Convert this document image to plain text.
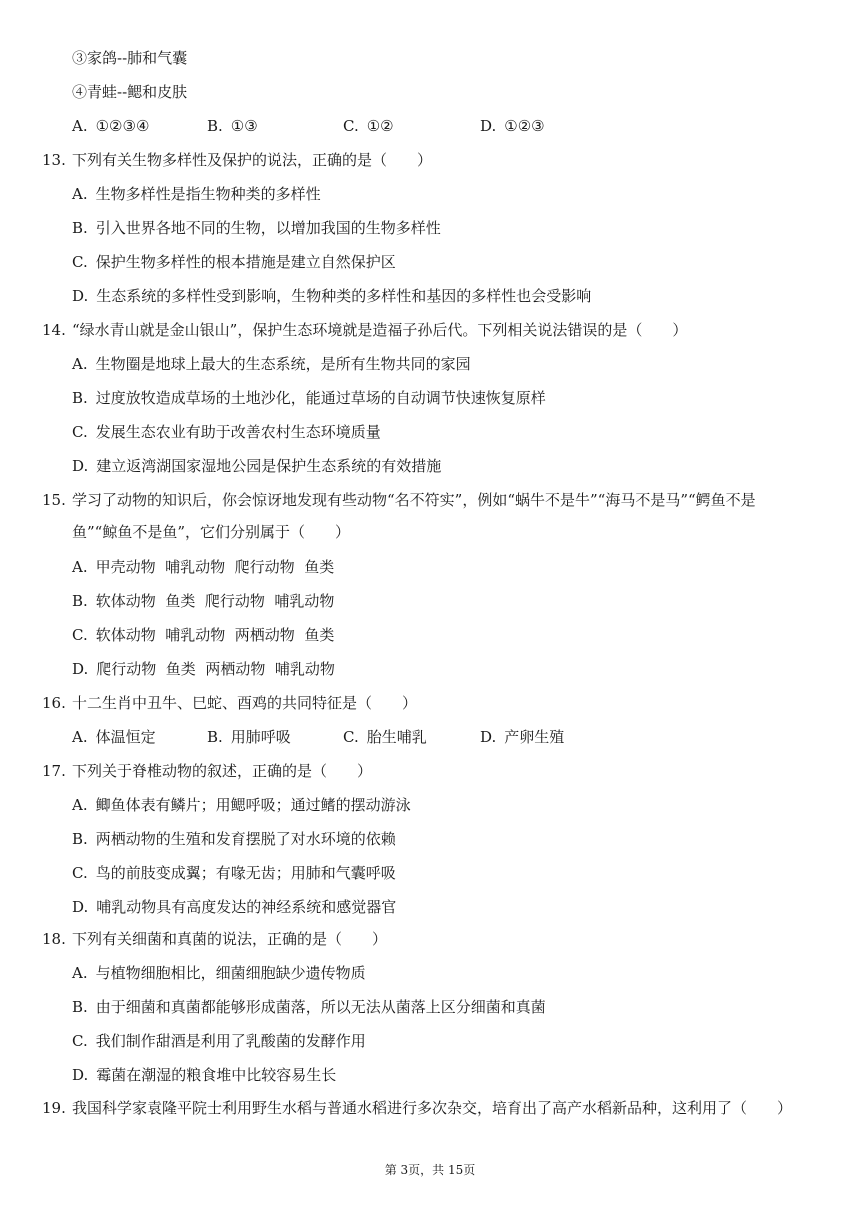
③家鸽--肺和气囊
④青蛙--鳃和皮肤
A. ①②③④	B. ①③	C. ①②	D. ①②③
13. 下列有关生物多样性及保护的说法，正确的是（　　）
A. 生物多样性是指生物种类的多样性
B. 引入世界各地不同的生物，以增加我国的生物多样性
C. 保护生物多样性的根本措施是建立自然保护区
D. 生态系统的多样性受到影响，生物种类的多样性和基因的多样性也会受影响
14. “绿水青山就是金山银山”，保护生态环境就是造福子孙后代。下列相关说法错误的是（　　）
A. 生物圈是地球上最大的生态系统，是所有生物共同的家园
B. 过度放牧造成草场的土地沙化，能通过草场的自动调节快速恢复原样
C. 发展生态农业有助于改善农村生态环境质量
D. 建立返湾湖国家湿地公园是保护生态系统的有效措施
15. 学习了动物的知识后，你会惊讶地发现有些动物“名不符实”，例如“蜗牛不是牛”“海马不是马”“鳄鱼不是
鱼”“鲸鱼不是鱼”，它们分别属于（　　）
A. 甲壳动物  哺乳动物  爬行动物  鱼类
B. 软体动物  鱼类  爬行动物  哺乳动物
C. 软体动物  哺乳动物  两栖动物  鱼类
D. 爬行动物  鱼类  两栖动物  哺乳动物
16. 十二生肖中丑牛、巳蛇、酉鸡的共同特征是（　　）
A. 体温恒定	B. 用肺呼吸	C. 胎生哺乳	D. 产卵生殖
17. 下列关于脊椎动物的叙述，正确的是（　　）
A. 鲫鱼体表有鳞片；用鳃呼吸；通过鳍的摆动游泳
B. 两栖动物的生殖和发育摆脱了对水环境的依赖
C. 鸟的前肢变成翼；有喙无齿；用肺和气囊呼吸
D. 哺乳动物具有高度发达的神经系统和感觉器官
18. 下列有关细菌和真菌的说法，正确的是（　　）
A. 与植物细胞相比，细菌细胞缺少遗传物质
B. 由于细菌和真菌都能够形成菌落，所以无法从菌落上区分细菌和真菌
C. 我们制作甜酒是利用了乳酸菌的发酵作用
D. 霉菌在潮湿的粮食堆中比较容易生长
19. 我国科学家袁隆平院士利用野生水稻与普通水稻进行多次杂交，培育出了高产水稻新品种，这利用了（　　）
第 3页，共 15页
